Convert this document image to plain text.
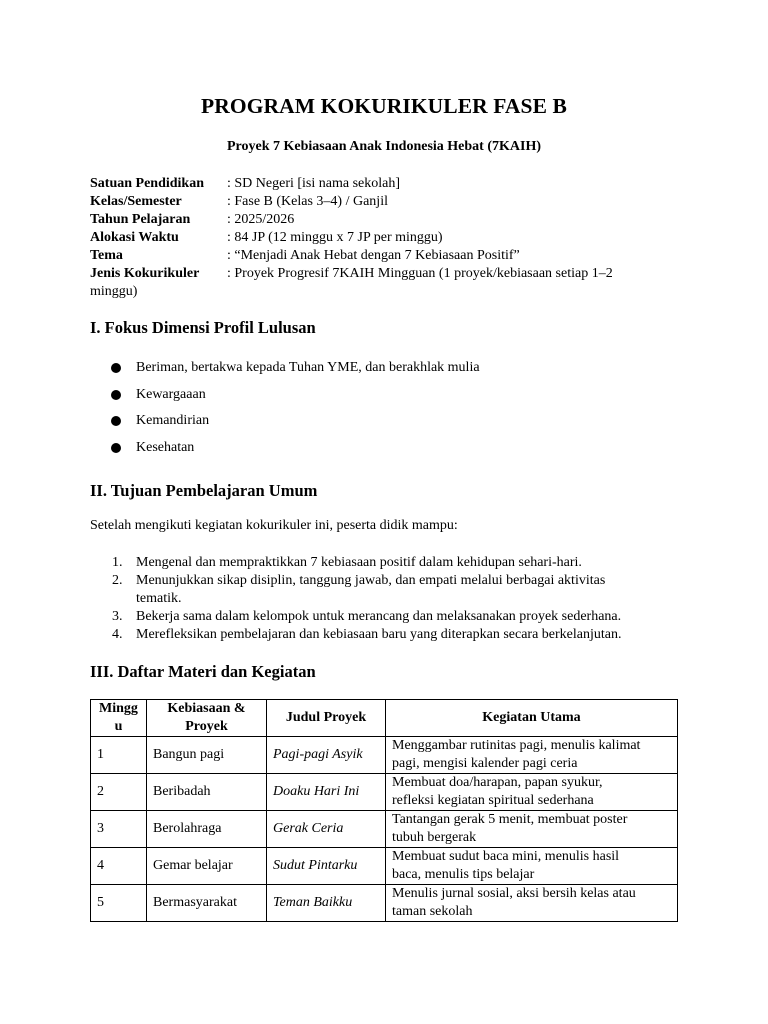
PROGRAM KOKURIKULER FASE B
Proyek 7 Kebiasaan Anak Indonesia Hebat (7KAIH)
Satuan Pendidikan	: SD Negeri [isi nama sekolah]
Kelas/Semester	: Fase B (Kelas 3–4) / Ganjil
Tahun Pelajaran	: 2025/2026
Alokasi Waktu	: 84 JP (12 minggu x 7 JP per minggu)
Tema	: “Menjadi Anak Hebat dengan 7 Kebiasaan Positif”
Jenis Kokurikuler	: Proyek Progresif 7KAIH Mingguan (1 proyek/kebiasaan setiap 1–2
minggu)
I. Fokus Dimensi Profil Lulusan
Beriman, bertakwa kepada Tuhan YME, dan berakhlak mulia
Kewargaaan
Kemandirian
Kesehatan
II. Tujuan Pembelajaran Umum
Setelah mengikuti kegiatan kokurikuler ini, peserta didik mampu:
1. Mengenal dan mempraktikkan 7 kebiasaan positif dalam kehidupan sehari-hari.
2. Menunjukkan sikap disiplin, tanggung jawab, dan empati melalui berbagai aktivitas
tematik.
3. Bekerja sama dalam kelompok untuk merancang dan melaksanakan proyek sederhana.
4. Merefleksikan pembelajaran dan kebiasaan baru yang diterapkan secara berkelanjutan.
III. Daftar Materi dan Kegiatan
Mingg
u	Kebiasaan &
Proyek	Judul Proyek	Kegiatan Utama
1	Bangun pagi	Pagi-pagi Asyik	Menggambar rutinitas pagi, menulis kalimat
pagi, mengisi kalender pagi ceria
2	Beribadah	Doaku Hari Ini	Membuat doa/harapan, papan syukur,
refleksi kegiatan spiritual sederhana
3	Berolahraga	Gerak Ceria	Tantangan gerak 5 menit, membuat poster
tubuh bergerak
4	Gemar belajar	Sudut Pintarku	Membuat sudut baca mini, menulis hasil
baca, menulis tips belajar
5	Bermasyarakat	Teman Baikku	Menulis jurnal sosial, aksi bersih kelas atau
taman sekolah
